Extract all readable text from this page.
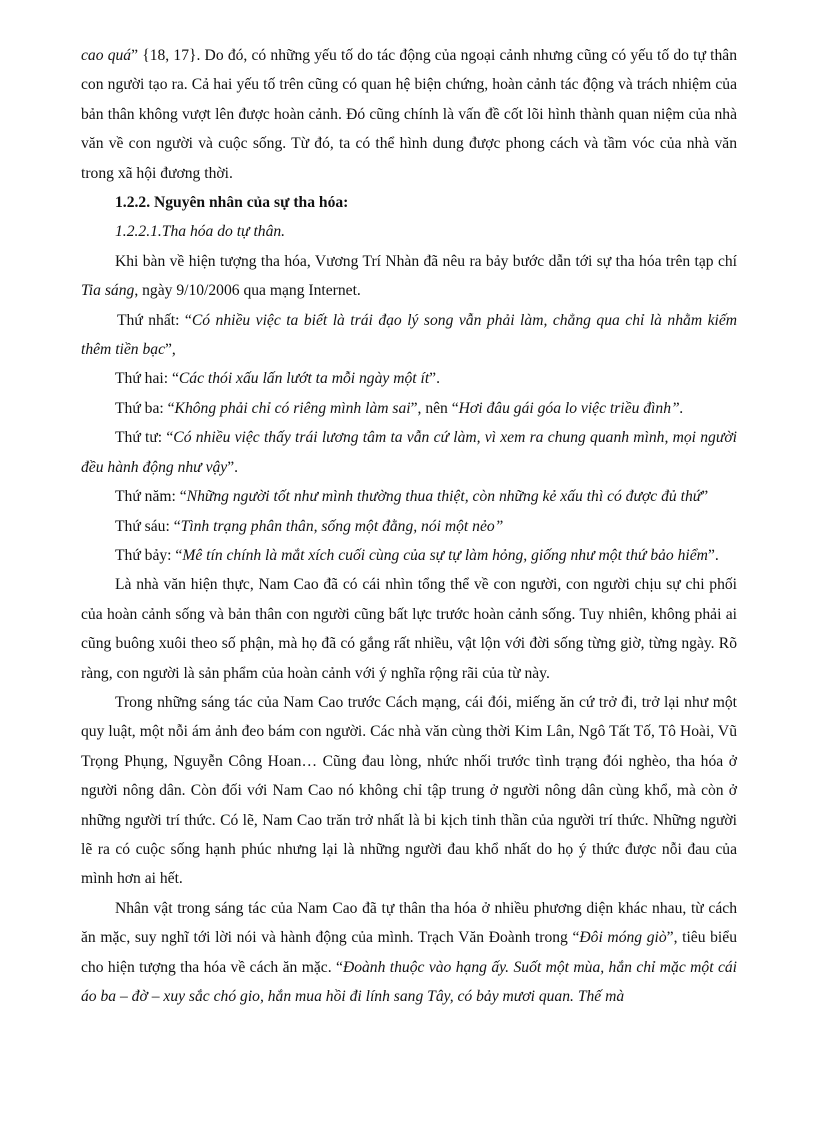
cao quá” {18, 17}. Do đó, có những yếu tố do tác động của ngoại cảnh nhưng cũng có yếu tố do tự thân con người tạo ra. Cả hai yếu tố trên cũng có quan hệ biện chứng, hoàn cảnh tác động và trách nhiệm của bản thân không vượt lên được hoàn cảnh. Đó cũng chính là vấn đề cốt lõi hình thành quan niệm của nhà văn về con người và cuộc sống. Từ đó, ta có thể hình dung được phong cách và tầm vóc của nhà văn trong xã hội đương thời.

1.2.2. Nguyên nhân của sự tha hóa:

1.2.2.1.Tha hóa do tự thân.

Khi bàn về hiện tượng tha hóa, Vương Trí Nhàn đã nêu ra bảy bước dẫn tới sự tha hóa trên tạp chí Tia sáng, ngày 9/10/2006 qua mạng Internet.

Thứ nhất: “Có nhiều việc ta biết là trái đạo lý song vẫn phải làm, chẳng qua chỉ là nhằm kiếm thêm tiền bạc”,

Thứ hai: “Các thói xấu lấn lướt ta mỗi ngày một ít”.

Thứ ba: “Không phải chỉ có riêng mình làm sai”, nên “Hơi đâu gái góa lo việc triều đình”.

Thứ tư: “Có nhiều việc thấy trái lương tâm ta vẫn cứ làm, vì xem ra chung quanh mình, mọi người đều hành động như vậy”.

Thứ năm: “Những người tốt như mình thường thua thiệt, còn những kẻ xấu thì có được đủ thứ”

Thứ sáu: “Tình trạng phân thân, sống một đằng, nói một nẻo”

Thứ bảy: “Mê tín chính là mắt xích cuối cùng của sự tự làm hỏng, giống như một thứ bảo hiểm”.

Là nhà văn hiện thực, Nam Cao đã có cái nhìn tổng thể về con người, con người chịu sự chi phối của hoàn cảnh sống và bản thân con người cũng bất lực trước hoàn cảnh sống. Tuy nhiên, không phải ai cũng buông xuôi theo số phận, mà họ đã có gắng rất nhiều, vật lộn với đời sống từng giờ, từng ngày. Rõ ràng, con người là sản phẩm của hoàn cảnh với ý nghĩa rộng rãi của từ này.

Trong những sáng tác của Nam Cao trước Cách mạng, cái đói, miếng ăn cứ trở đi, trở lại như một quy luật, một nỗi ám ảnh đeo bám con người. Các nhà văn cùng thời Kim Lân, Ngô Tất Tố, Tô Hoài, Vũ Trọng Phụng, Nguyễn Công Hoan… Cũng đau lòng, nhức nhối trước tình trạng đói nghèo, tha hóa ở người nông dân. Còn đối với Nam Cao nó không chỉ tập trung ở người nông dân cùng khổ, mà còn ở những người trí thức. Có lẽ, Nam Cao trăn trở nhất là bi kịch tinh thần của người trí thức. Những người lẽ ra có cuộc sống hạnh phúc nhưng lại là những người đau khổ nhất do họ ý thức được nỗi đau của mình hơn ai hết.

Nhân vật trong sáng tác của Nam Cao đã tự thân tha hóa ở nhiều phương diện khác nhau, từ cách ăn mặc, suy nghĩ tới lời nói và hành động của mình. Trạch Văn Đoành trong “Đôi móng giò”, tiêu biểu cho hiện tượng tha hóa về cách ăn mặc. “Đoành thuộc vào hạng ấy. Suốt một mùa, hắn chỉ mặc một cái áo ba – đờ – xuy sắc chó gio, hắn mua hồi đi lính sang Tây, có bảy mươi quan. Thế mà
